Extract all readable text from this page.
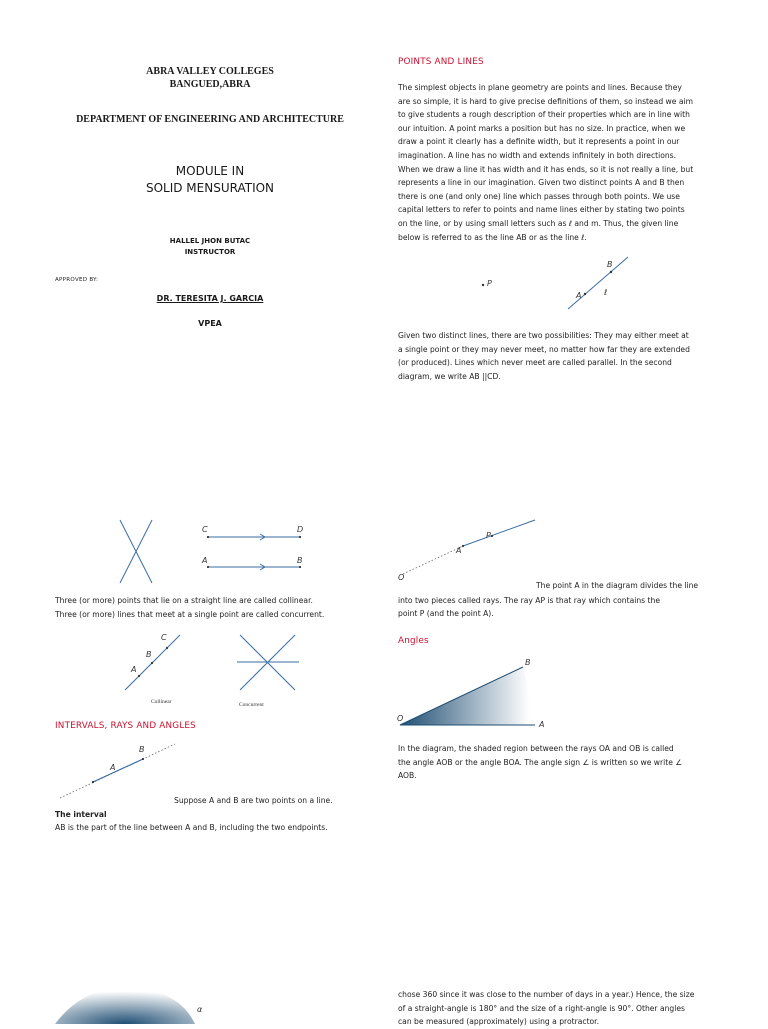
ABRA VALLEY COLLEGES
BANGUED,ABRA
DEPARTMENT OF ENGINEERING AND ARCHITECTURE
MODULE IN
SOLID MENSURATION
HALLEL JHON BUTAC
INSTRUCTOR
APPROVED BY:
DR. TERESITA J. GARCIA
VPEA
POINTS AND LINES
The simplest objects in plane geometry are points and lines. Because they
are so simple, it is hard to give precise definitions of them, so instead we aim
to give students a rough description of their properties which are in line with
our intuition. A point marks a position but has no size. In practice, when we
draw a point it clearly has a definite width, but it represents a point in our
imagination. A line has no width and extends infinitely in both directions.
When we draw a line it has width and it has ends, so it is not really a line, but
represents a line in our imagination. Given two distinct points A and B then
there is one (and only one) line which passes through both points. We use
capital letters to refer to points and name lines either by stating two points
on the line, or by using small letters such as ℓ and m. Thus, the given line
below is referred to as the line AB or as the line ℓ.
P
A
B
ℓ
Given two distinct lines, there are two possibilities: They may either meet at
a single point or they may never meet, no matter how far they are extended
(or produced). Lines which never meet are called parallel. In the second
diagram, we write AB ||CD.
C	D
A	B
Three (or more) points that lie on a straight line are called collinear.
Three (or more) lines that meet at a single point are called concurrent.
A
B
C
Collinear	Concurrent
INTERVALS, RAYS AND ANGLES
A
B
Suppose A and B are two points on a line.
The interval
AB is the part of the line between A and B, including the two endpoints.
O
A
P
The point A in the diagram divides the line
into two pieces called rays. The ray AP is that ray which contains the
point P (and the point A).
Angles
O
A
B
In the diagram, the shaded region between the rays OA and OB is called
the angle AOB or the angle BOA. The angle sign ∠ is written so we write ∠
AOB.
α
chose 360 since it was close to the number of days in a year.) Hence, the size
of a straight-angle is 180° and the size of a right-angle is 90°. Other angles
can be measured (approximately) using a protractor.
